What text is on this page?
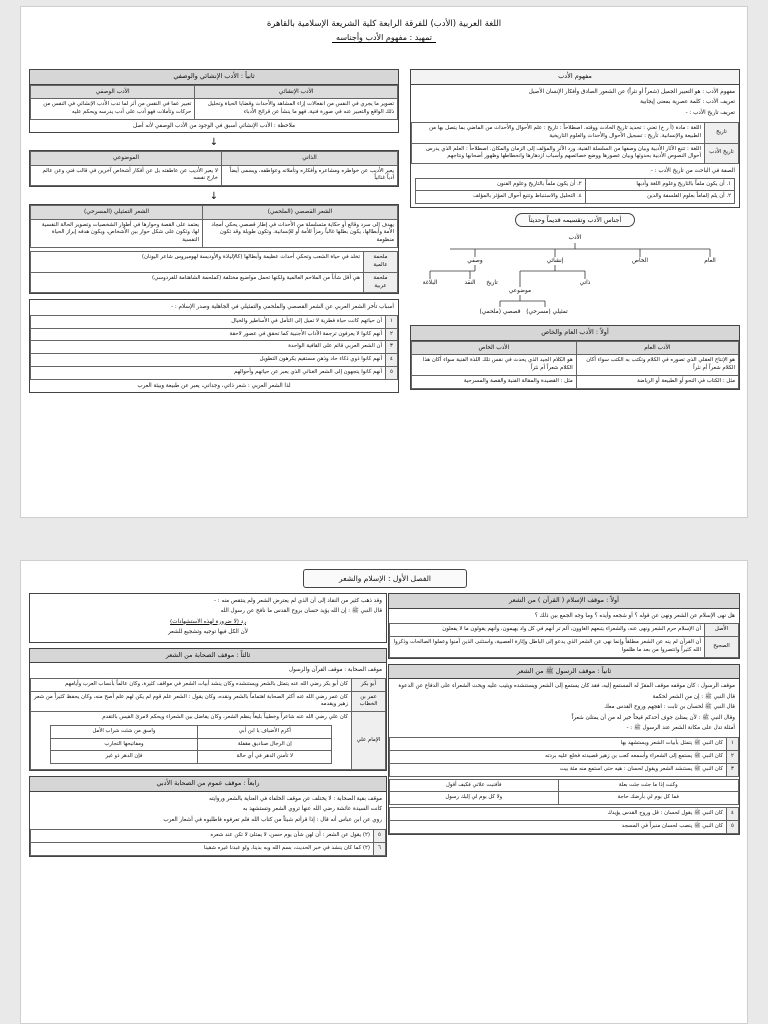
اللغة العربية (الأدب) للفرقة الرابعة كلية الشريعة الإسلامية بالقاهرة
تمهيد : مفهوم الأدب وأجناسه
مفهوم الأدب
مفهوم الأدب : هو التعبير الجميل (شعراً أو نثراً) عن الشعور الصادق وأفكار الإنسان الأصيل
تعريف الأدب : كلمة عصرية بمعنى إيجابية
تعريف تاريخ الأدب : -
تاريخ	اللغة : مادة (أ ر خ) تعني : تحديد تاريخ الحادث ووقته. اصطلاحاً : تاريخ : علم الأحوال والأحداث من الماضي بما يتصل بها من الطبيعة والإنسانية. تأريخ : تسجيل الأحوال والأحداث والعلوم التاريخية
تاريخ الأدب	اللغة : تتبع الآثار الأدبية وبيان وصفها من السلسلة الفنية، ورد الآثر والمؤلف إلى الزمان والمكان. اصطلاحاً : العلم الذي يدرس أحوال النصوص الأدبية بحدوثها وبيان عصورها ووضع خصائصهم وأسباب ازدهارها وانحطاطها وظهور أصحابها ونتاجهم
الصفة في الباحث من تاريخ الأدب : -
١. أن يكون ملماً بالتاريخ وعلوم اللغة وأدبها	٢. أن يكون ملماً بالتاريخ وعلوم الفنون
٢. أن يلم إلماماً بعلوم الفلسفة والدين	٤. التحليل والاستنباط وتتبع أحوال المؤثر بالمؤلف
أجناس الأدب وتقسيمه قديماً وحديثاً
الأدب
العام
الخاص
إنشائي
وصفي
ذاتي
موضوعي
النقد
البلاغة	تاريخ
قصصي (ملحمي) تمثيلي (مسرحي)
أولاً : الأدب العام والخاص
الأدب العام	الأدب الخاص
هو الإنتاج العقلي الذي تصوره في الكلام وتكتب به الكتب سواء أكان الكلام شعراً أم نثراً	هو الكلام الجيد الذي يحدث في نفس تلك اللذة الفنية سواء أكان هذا الكلام شعراً أم نثراً
مثل : الكتاب في النحو أو الطبيعة أو الرياضة	مثل : القصيدة والمقالة الفنية والقصة والمسرحية
ثانياً : الأدب الإنشائي والوصفي
الأدب الإنشائي	الأدب الوصفي
تصوير ما يجري في النفس من انفعالات إزاء المشاهد والأحداث وقضايا الحياة وتحليل ذلك الواقع والتعبير عنه في صورة فنية، فهو ما ينشأ عن قرائح الأدباء	تعبير عما في النفس من أثر لما تدب الأدب الإنشائي في النفس من حركات وتأملات فهو أدب على أدب يدرسه ويحكم عليه
ملاحظة : الأدب الإنشائي أسبق في الوجود من الأدب الوصفي لأنه أصل
↓
الذاتي	الموضوعي
يعبر الأديب عن خواطره ومشاعره وأفكاره وتأملاته وعواطفه، ويسمى أيضاً أدباً غنائياً	لا يعبر الأديب عن عاطفته بل عن أفكار أشخاص آخرين في قالب فني وعن عالم خارج نفسه
↓
الشعر القصصي (الملحمي)	الشعر التمثيلي (المسرحي)
يهدف إلى سرد وقائع أو حكاية متسلسلة من الأحداث في إطار قصصي يحكي أمجاد الأمة وأبطالها، يكون بطلها غالباً رمزاً للأمة أو للإنسانية، وتكون طويلة وقد تكون منظومة	يعتمد على القصة وحوارها في أطوار الشخصيات وتصوير الحالة النفسية لها، وتكون على شكل حوار بين الأشخاص، ويكون هدفه إبراز الحياة النفسية
ملحمة عالمية	تخلد في حياة الشعب وتحكي أحداث عظيمة وأبطالها (كالإلياذة والأوديسة لهوميروس شاعر اليونان)
ملحمة عربية	هي أقل شأناً من الملاحم العالمية ولكنها تحمل مواضيع مختلفة (كملحمة الشاهنامة للفردوسي)
أسباب تأخر الشعر العربي عن الشعر القصصي والملحمي والتمثيلي في الجاهلية وصدر الإسلام : -
١	أن حياتهم كانت حياة فطرية لا تميل إلى التأمل في الأساطير والخيال
٢	أنهم كانوا لا يعرفون ترجمة الآداب الأجنبية كما تحقق في عصور لاحقة
٣	أن الشعر العربي قائم على القافية الواحدة
٤	أنهم كانوا ذوي ذكاء حاد وذهن مستقيم يكرهون التطويل
٥	أنهم كانوا يتجهون إلى الشعر الغنائي الذي يعبر عن حياتهم وأحوالهم
لذا الشعر العربي : شعر ذاتي، وجداني، يعبر عن طبيعة وبيئة العرب
الفصل الأول : الإسلام والشعر
أولاً : موقف الإسلام ( القرآن ) من الشعر
هل نهى الإسلام عن الشعر ونهى عن قوله ؟ أو شجعه وأيده ؟ وما وجه الجمع بين ذلك ؟
الأصل	أن الإسلام حرم الشعر ونهى عنه، والشعراء يتبعهم الغاوون، ألم تر أنهم في كل واد يهيمون، وأنهم يقولون ما لا يفعلون
الصحيح	أن القرآن لم ينه عن الشعر مطلقاً وإنما نهى عن الشعر الذي يدعو إلى الباطل وإثارة العصبية، واستثنى الذين آمنوا وعملوا الصالحات وذكروا الله كثيراً وانتصروا من بعد ما ظلموا
ثانياً : موقف الرسول ﷺ من الشعر
موقف الرسول : كان موقفه موقف المقرّ له المستمع إليه، فقد كان يستمع إلى الشعر ويستنشده ويثيب عليه ويحث الشعراء على الدفاع عن الدعوة
قال النبي ﷺ : إن من الشعر لحكمة
قال النبي ﷺ لحسان بن ثابت : اهجهم وروح القدس معك
وقال النبي ﷺ : لأن يمتلئ جوف أحدكم قيحاً خير له من أن يمتلئ شعراً
أمثلة تدل على مكانة الشعر عند الرسول ﷺ : -
١	كان النبي ﷺ يتمثل بأبيات الشعر ويستشهد بها
٢	كان النبي ﷺ يستمع إلى الشعراء وأسمعه كعب بن زهير قصيدته فخلع عليه بردته
٣	كان النبي ﷺ يستنشد الشعر ويقول لحسان : هيه حتى استمع منه مئة بيت
وكنت إذا ما جئت جئت بعلة	فأفنيت علاتي فكيف أقول
فما كل يوم لي بأرضك حاجة	ولا كل يوم لي إليك رسول
٤	كان النبي ﷺ يقول لحسان : قل وروح القدس يؤيدك
٥	كان النبي ﷺ ينصب لحسان منبراً في المسجد
وقد ذهب كثير من النقاد إلى أن الذي لم يعترض الشعر ولم ينتقص منه : -
قال النبي ﷺ : إن الله يؤيد حسان بروح القدس ما نافح عن رسول الله
رد (لا ضرورة لهذه الاستشهادات)
لأن الكل فيها توجيه وتشجيع للشعر
ثالثاً : موقف الصحابة من الشعر
موقف الصحابة : موقف القرآن والرسول
أبو بكر	كان أبو بكر رضي الله عنه يتمثل بالشعر ويستنشده وكان ينشد أبيات الشعر في مواقف كثيرة، وكان عالماً بأنساب العرب وأيامهم
عمر بن الخطاب	كان عمر رضي الله عنه أكثر الصحابة اهتماماً بالشعر ونقده، وكان يقول : الشعر علم قوم لم يكن لهم علم أصح منه، وكان يحفظ كثيراً من شعر زهير ويقدمه
الإمام علي	
كان علي رضي الله عنه شاعراً وخطيباً بليغاً ينظم الشعر، وكان يفاضل بين الشعراء ويحكم لامرئ القيس بالتقدم
أكرم الأضياف يا ابن أبي	واسق من شئت شراب الأمل
إن الرجال صناديق مقفلة	ومفاتيحها التجارب
لا تأمنن الدهر في أي حالة	فإن الدهر ذو غير
رابعاً : موقف عموم من الصحابة الأدبي
موقف بقية الصحابة : لا يختلف عن موقف الخلفاء في العناية بالشعر وروايته
كانت السيدة عائشة رضي الله عنها تروي الشعر وتستشهد به
روي عن ابن عباس أنه قال : إذا قرأتم شيئاً من كتاب الله فلم تعرفوه فاطلبوه في أشعار العرب
٥	(٢) يقول عن الشعر : أن لهن شأن يوم حسن، لا يمتلئ لا تكن عند شعره
٦	(٢) كما كان ينشد في خبر الحديث، بسم الله وبه بدينا، ولو عبدنا غيره شقينا
